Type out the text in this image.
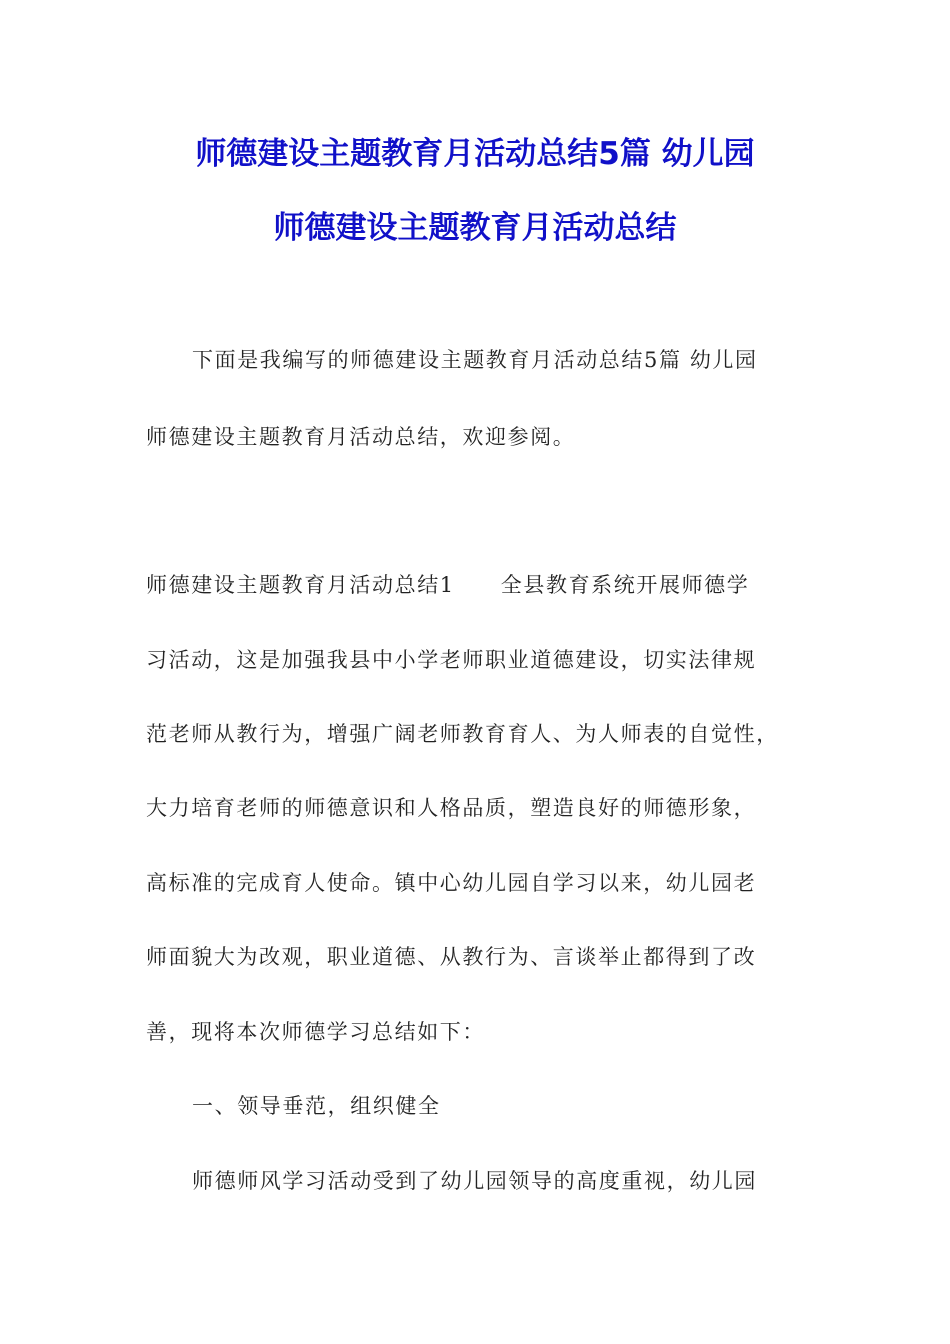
师德建设主题教育月活动总结5篇 幼儿园
师德建设主题教育月活动总结
下面是我编写的师德建设主题教育月活动总结5篇 幼儿园
师德建设主题教育月活动总结，欢迎参阅。
师德建设主题教育月活动总结1 全县教育系统开展师德学
习活动，这是加强我县中小学老师职业道德建设，切实法律规
范老师从教行为，增强广阔老师教育育人、为人师表的自觉性，
大力培育老师的师德意识和人格品质，塑造良好的师德形象，
高标准的完成育人使命。镇中心幼儿园自学习以来，幼儿园老
师面貌大为改观，职业道德、从教行为、言谈举止都得到了改
善，现将本次师德学习总结如下：
一、领导垂范，组织健全
师德师风学习活动受到了幼儿园领导的高度重视，幼儿园
